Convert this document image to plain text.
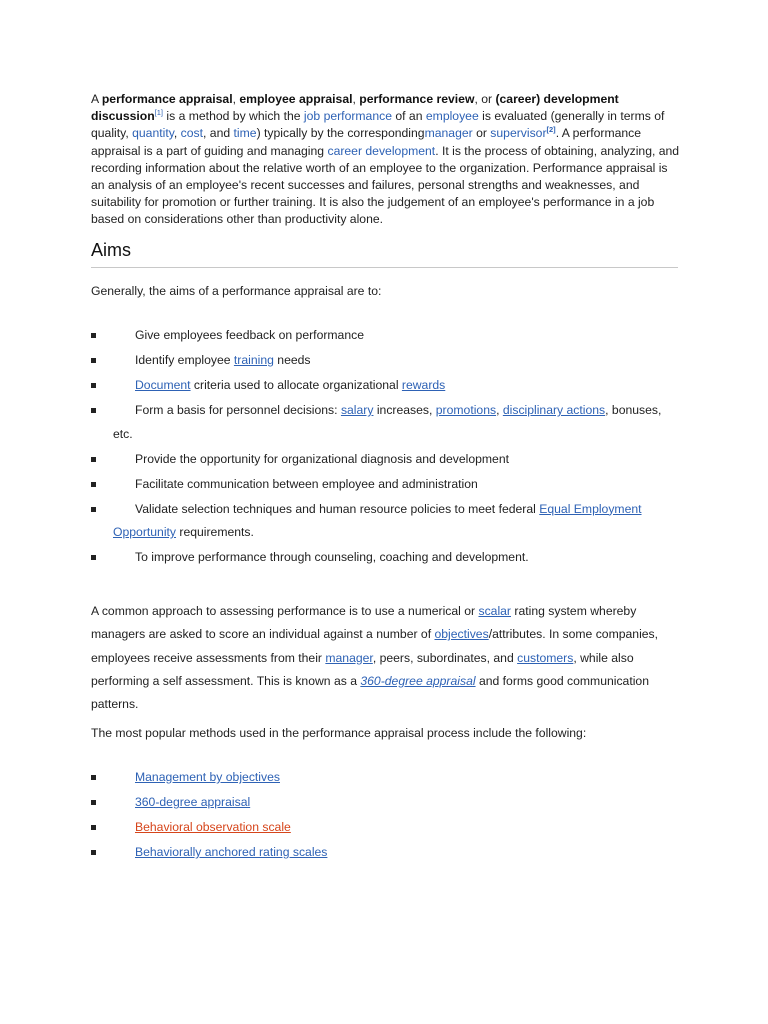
A performance appraisal, employee appraisal, performance review, or (career) development discussion[1] is a method by which the job performance of an employee is evaluated (generally in terms of quality, quantity, cost, and time) typically by the correspondingmanager or supervisor[2]. A performance appraisal is a part of guiding and managing career development. It is the process of obtaining, analyzing, and recording information about the relative worth of an employee to the organization. Performance appraisal is an analysis of an employee's recent successes and failures, personal strengths and weaknesses, and suitability for promotion or further training. It is also the judgement of an employee's performance in a job based on considerations other than productivity alone.

Aims

Generally, the aims of a performance appraisal are to:

Give employees feedback on performance
Identify employee training needs
Document criteria used to allocate organizational rewards
Form a basis for personnel decisions: salary increases, promotions, disciplinary actions, bonuses,
etc.
Provide the opportunity for organizational diagnosis and development
Facilitate communication between employee and administration
Validate selection techniques and human resource policies to meet federal Equal Employment
Opportunity requirements.
To improve performance through counseling, coaching and development.

A common approach to assessing performance is to use a numerical or scalar rating system whereby managers are asked to score an individual against a number of objectives/attributes. In some companies, employees receive assessments from their manager, peers, subordinates, and customers, while also performing a self assessment. This is known as a 360-degree appraisal and forms good communication patterns.

The most popular methods used in the performance appraisal process include the following:

Management by objectives
360-degree appraisal
Behavioral observation scale
Behaviorally anchored rating scales
